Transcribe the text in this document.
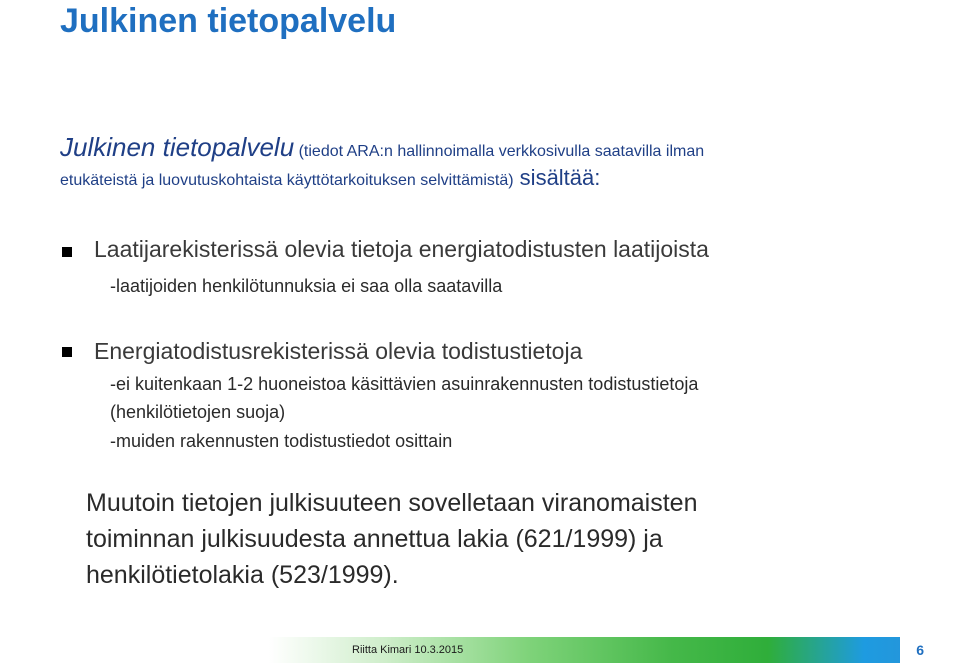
Julkinen tietopalvelu
Julkinen tietopalvelu (tiedot ARA:n hallinnoimalla verkkosivulla saatavilla ilman
etukäteistä ja luovutuskohtaista käyttötarkoituksen selvittämistä) sisältää:
Laatijarekisterissä olevia tietoja energiatodistusten laatijoista
-laatijoiden henkilötunnuksia ei saa olla saatavilla
Energiatodistusrekisterissä olevia todistustietoja
-ei kuitenkaan 1-2 huoneistoa käsittävien asuinrakennusten todistustietoja
(henkilötietojen suoja)
-muiden rakennusten todistustiedot osittain
Muutoin tietojen julkisuuteen sovelletaan viranomaisten
toiminnan julkisuudesta annettua lakia (621/1999) ja
henkilötietolakia (523/1999).
Riitta Kimari 10.3.2015	6
